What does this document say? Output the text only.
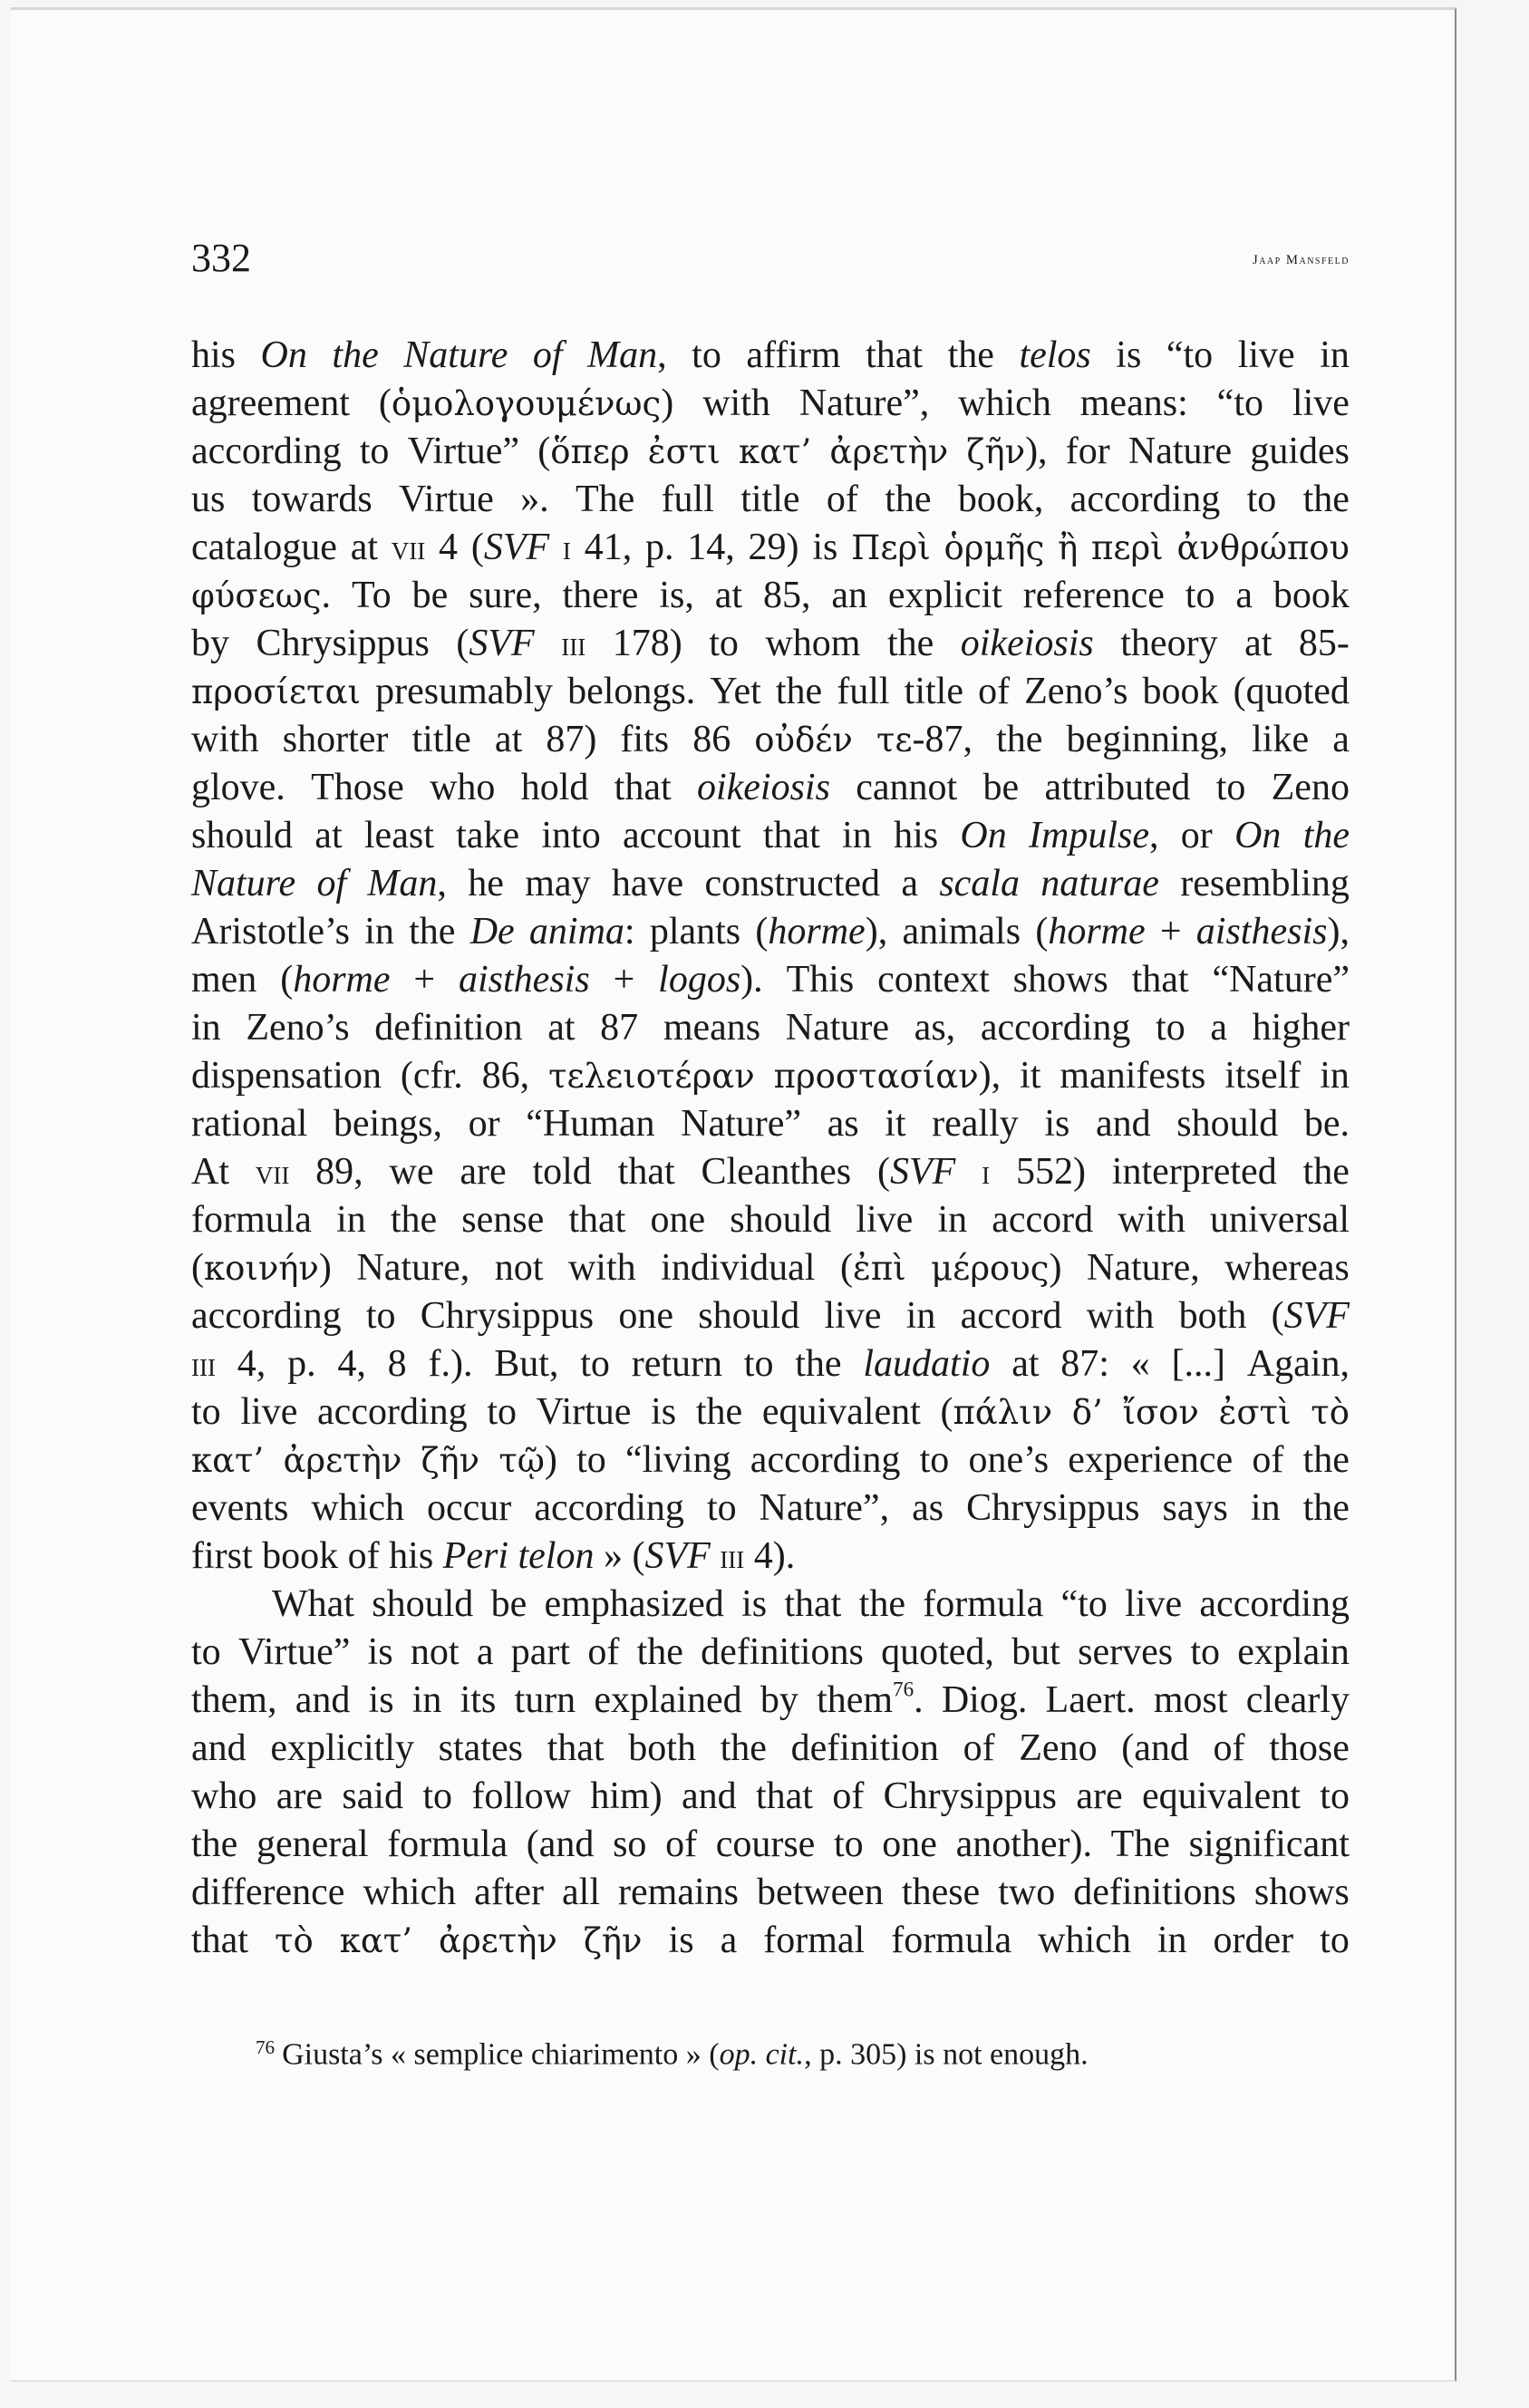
332	Jaap Mansfeld
his On the Nature of Man, to affirm that the telos is “to live in
agreement (ὁμολογουμένως) with Nature”, which means: “to live
according to Virtue” (ὅπερ ἐστι κατ’ ἀρετὴν ζῆν), for Nature guides
us towards Virtue ». The full title of the book, according to the
catalogue at vii 4 (SVF i 41, p. 14, 29) is Περὶ ὁρμῆς ἢ περὶ ἀνθρώπου
φύσεως. To be sure, there is, at 85, an explicit reference to a book
by Chrysippus (SVF iii 178) to whom the oikeiosis theory at 85-
προσίεται presumably belongs. Yet the full title of Zeno’s book (quoted
with shorter title at 87) fits 86 οὐδέν τε-87, the beginning, like a
glove. Those who hold that oikeiosis cannot be attributed to Zeno
should at least take into account that in his On Impulse, or On the
Nature of Man, he may have constructed a scala naturae resembling
Aristotle’s in the De anima: plants (horme), animals (horme + aisthesis),
men (horme + aisthesis + logos). This context shows that “Nature”
in Zeno’s definition at 87 means Nature as, according to a higher
dispensation (cfr. 86, τελειοτέραν προστασίαν), it manifests itself in
rational beings, or “Human Nature” as it really is and should be.
At vii 89, we are told that Cleanthes (SVF i 552) interpreted the
formula in the sense that one should live in accord with universal
(κοινήν) Nature, not with individual (ἐπὶ μέρους) Nature, whereas
according to Chrysippus one should live in accord with both (SVF
iii 4, p. 4, 8 f.). But, to return to the laudatio at 87: « [...] Again,
to live according to Virtue is the equivalent (πάλιν δ’ ἴσον ἐστὶ τὸ
κατ’ ἀρετὴν ζῆν τῷ) to “living according to one’s experience of the
events which occur according to Nature”, as Chrysippus says in the
first book of his Peri telon » (SVF iii 4).
What should be emphasized is that the formula “to live according
to Virtue” is not a part of the definitions quoted, but serves to explain
them, and is in its turn explained by them$^{76}$. Diog. Laert. most clearly
and explicitly states that both the definition of Zeno (and of those
who are said to follow him) and that of Chrysippus are equivalent to
the general formula (and so of course to one another). The significant
difference which after all remains between these two definitions shows
that τὸ κατ’ ἀρετὴν ζῆν is a formal formula which in order to
$^{76}$ Giusta’s « semplice chiarimento » (op. cit., p. 305) is not enough.
